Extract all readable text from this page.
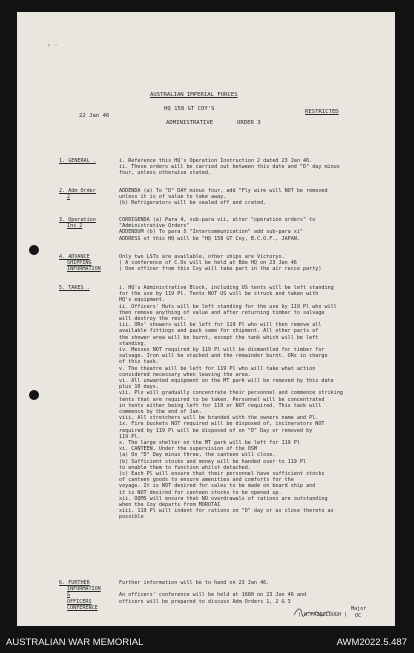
⸗ ·
AUSTRALIAN IMPERIAL FORCES
HQ 158 GT COY'S
22 Jan 46
RESTRICTED
ADMINISTRATIVE	ORDER 3
1. GENERAL .	i. Reference this HQ's Operation Instruction 2 dated 23 Jan 46.
ii. These orders will be carried out between this date and "D" day minus
four, unless otherwise stated.
2. Adm Order
2
ADDENDA (a) To "D" DAY minus four, add "Fly wire will NOT be removed
unless it is of value to take away.
(b) Refrigerators will be sealed off and crated.
3. Operation
Ins 2
CORRIGENDA (a) Para 4, sub-para vii, alter "operation orders" to
"Administrative Orders"
ADDENDUM (b) To para 5 "Intercommunication" add sub-para xi"
ADDRESS of this HQ will be "HQ 158 GT Coy, B.C.O.F., JAPAN.
4. ADVANCE
SHIPPING
INFORMATION
Only two LSTs are available, other ships are Victorys.
( A conference of C.Os will be held at Bde HQ on 23 Jan 46
( One officer from this Coy will take part in the air recce party)
5. TAKES .	i. HQ's Administrative Block, including US tents will be left standing
for the use by 119 Pl. Tents NOT US will be struck and taken with
HQ's equipment.
ii. Officers' Huts will be left standing for the use by 119 Pl who will
then remove anything of value and after returning timber to salvage
will destroy the rest.
iii. ORs' showers will be left for 119 Pl who will then remove all
available fittings and pack same for shipment. All other parts of
the shower area will be burnt, except the tank which will be left
standing.
iv. Messes NOT required by 119 Pl will be dismantled for timber for
salvage. Iron will be stacked and the remainder burnt. ORs in charge
of this task.
v. The theatre will be left for 119 Pl who will take what action
considered necessary when leaving the area.
vi. All unwanted equipment on the MT park will be removed by this date
plus 10 days.
vii. Pls will gradually concentrate their personnel and commence striking
tents that are required to be taken. Personnel will be concentrated
in tents either being left for 119 or NOT required. This task will
commence by the end of Jan.
viii. All stretchers will be branded with the owners name and Pl.
ix. Fire buckets NOT required will be disposed of, incinerators NOT
required by 119 Pl will be disposed of on "D" Day or removed by
119 Pl.
x. The large shelter on the MT park will be left for 119 Pl
xi. CANTEEN. Under the supervision of the OSM
(a) On "D" Day minus three, the canteen will close.
(b) Sufficient stocks and money will be handed over to 119 Pl
to enable them to function whilst detached.
(c) Each Pl will ensure that their personnel have sufficient stocks
of canteen goods to ensure amenities and comforts for the
voyage. It is NOT desired for sales to be made on board ship and
it is NOT desired for canteen stocks to be opened up.
xii. OQMS will ensure that NO overdrawals of rations are outstanding
when the Coy departs from MOROTAI
xiii. 119 Pl will indent for rations on "D" day or as close thereto as
possible
6. FURTHER
INFORMATION
&
OFFICERS
CONFERENCE
Further information will be to hand on 23 Jan 46.
An officers' conference will be held at 1600 on 23 Jan 46 and
officers will be prepared to discuss Adm Orders 1, 2 & 3
( H.FAIRCLOUGH )
Major
OC
AUSTRALIAN WAR MEMORIAL	AWM2022.5.487
